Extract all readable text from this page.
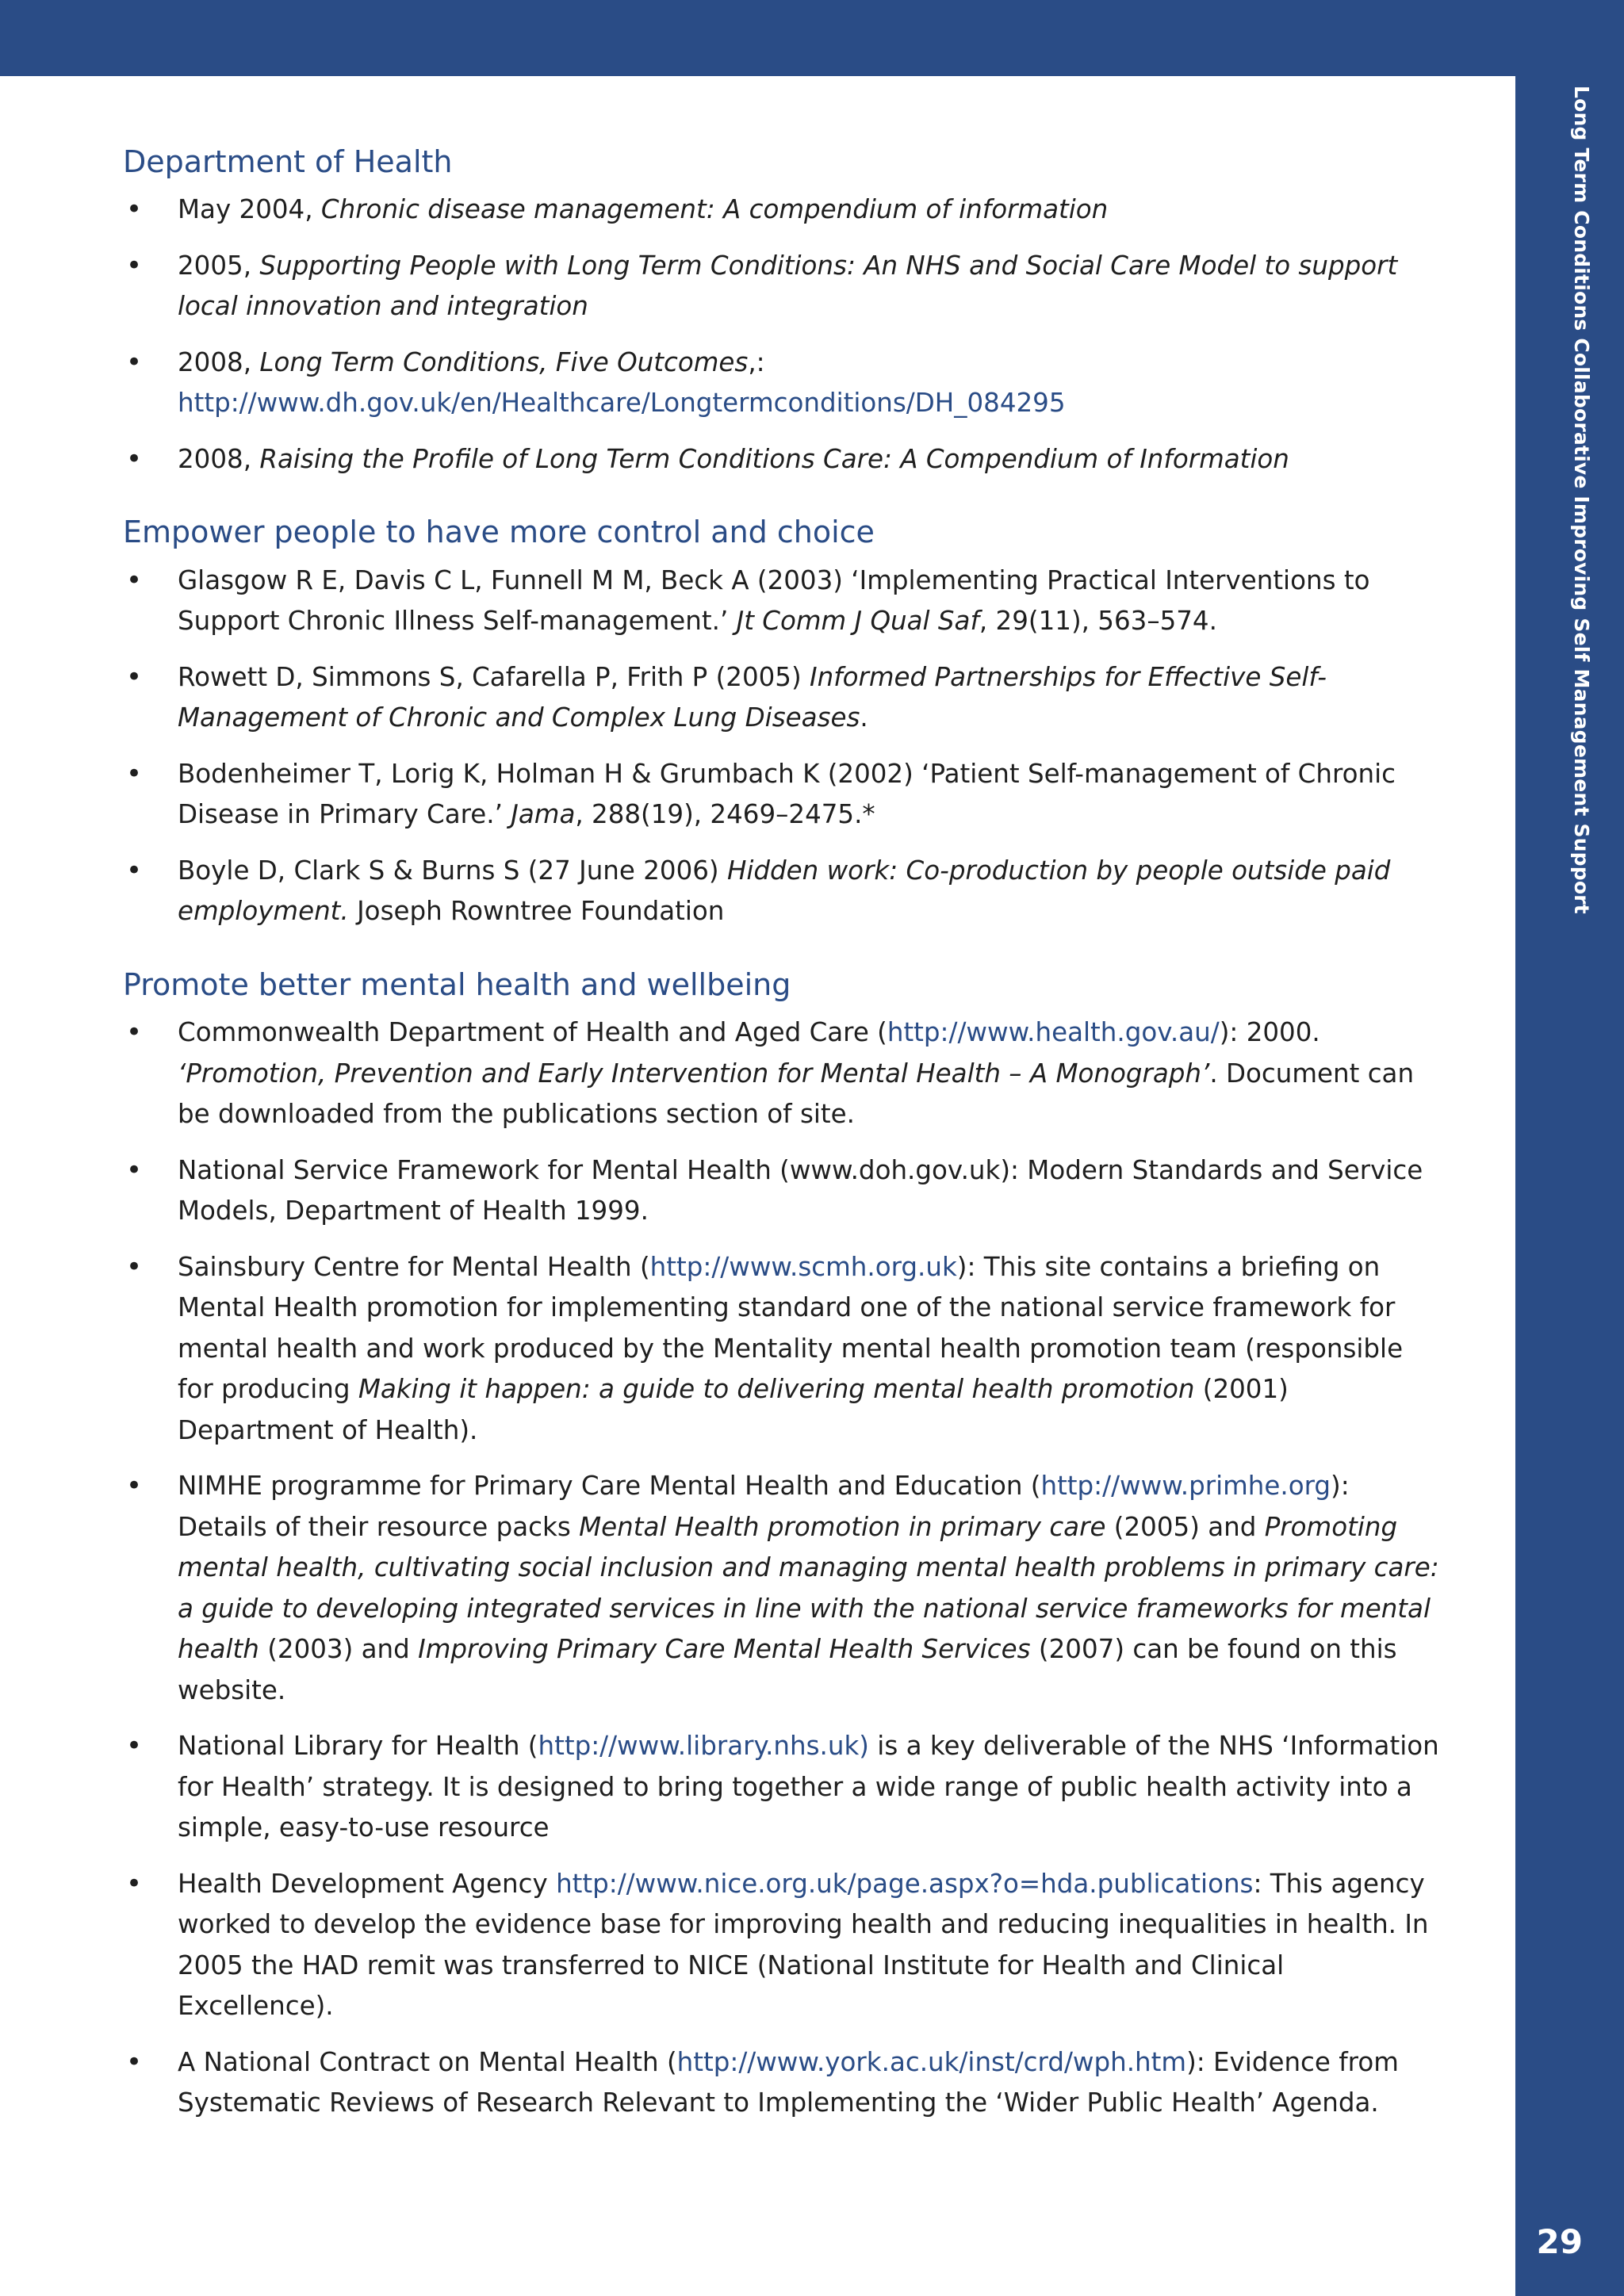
Long Term Conditions Collaborative Improving Self Management Support
29
Department of Health
• May 2004, Chronic disease management: A compendium of information
• 2005, Supporting People with Long Term Conditions: An NHS and Social Care Model to support local innovation and integration
• 2008, Long Term Conditions, Five Outcomes,: http://www.dh.gov.uk/en/Healthcare/Longtermconditions/DH_084295
• 2008, Raising the Profile of Long Term Conditions Care: A Compendium of Information
Empower people to have more control and choice
• Glasgow R E, Davis C L, Funnell M M, Beck A (2003) ‘Implementing Practical Interventions to Support Chronic Illness Self-management.’ Jt Comm J Qual Saf, 29(11), 563–574.
• Rowett D, Simmons S, Cafarella P, Frith P (2005) Informed Partnerships for Effective Self-Management of Chronic and Complex Lung Diseases.
• Bodenheimer T, Lorig K, Holman H & Grumbach K (2002) ‘Patient Self-management of Chronic Disease in Primary Care.’ Jama, 288(19), 2469–2475.*
• Boyle D, Clark S & Burns S (27 June 2006) Hidden work: Co-production by people outside paid employment. Joseph Rowntree Foundation
Promote better mental health and wellbeing
• Commonwealth Department of Health and Aged Care (http://www.health.gov.au/): 2000. ‘Promotion, Prevention and Early Intervention for Mental Health – A Monograph’. Document can be downloaded from the publications section of site.
• National Service Framework for Mental Health (www.doh.gov.uk): Modern Standards and Service Models, Department of Health 1999.
• Sainsbury Centre for Mental Health (http://www.scmh.org.uk): This site contains a briefing on Mental Health promotion for implementing standard one of the national service framework for mental health and work produced by the Mentality mental health promotion team (responsible for producing Making it happen: a guide to delivering mental health promotion (2001) Department of Health).
• NIMHE programme for Primary Care Mental Health and Education (http://www.primhe.org): Details of their resource packs Mental Health promotion in primary care (2005) and Promoting mental health, cultivating social inclusion and managing mental health problems in primary care: a guide to developing integrated services in line with the national service frameworks for mental health (2003) and Improving Primary Care Mental Health Services (2007) can be found on this website.
• National Library for Health (http://www.library.nhs.uk) is a key deliverable of the NHS ‘Information for Health’ strategy. It is designed to bring together a wide range of public health activity into a simple, easy-to-use resource
• Health Development Agency http://www.nice.org.uk/page.aspx?o=hda.publications: This agency worked to develop the evidence base for improving health and reducing inequalities in health. In 2005 the HAD remit was transferred to NICE (National Institute for Health and Clinical Excellence).
• A National Contract on Mental Health (http://www.york.ac.uk/inst/crd/wph.htm): Evidence from Systematic Reviews of Research Relevant to Implementing the ‘Wider Public Health’ Agenda.
